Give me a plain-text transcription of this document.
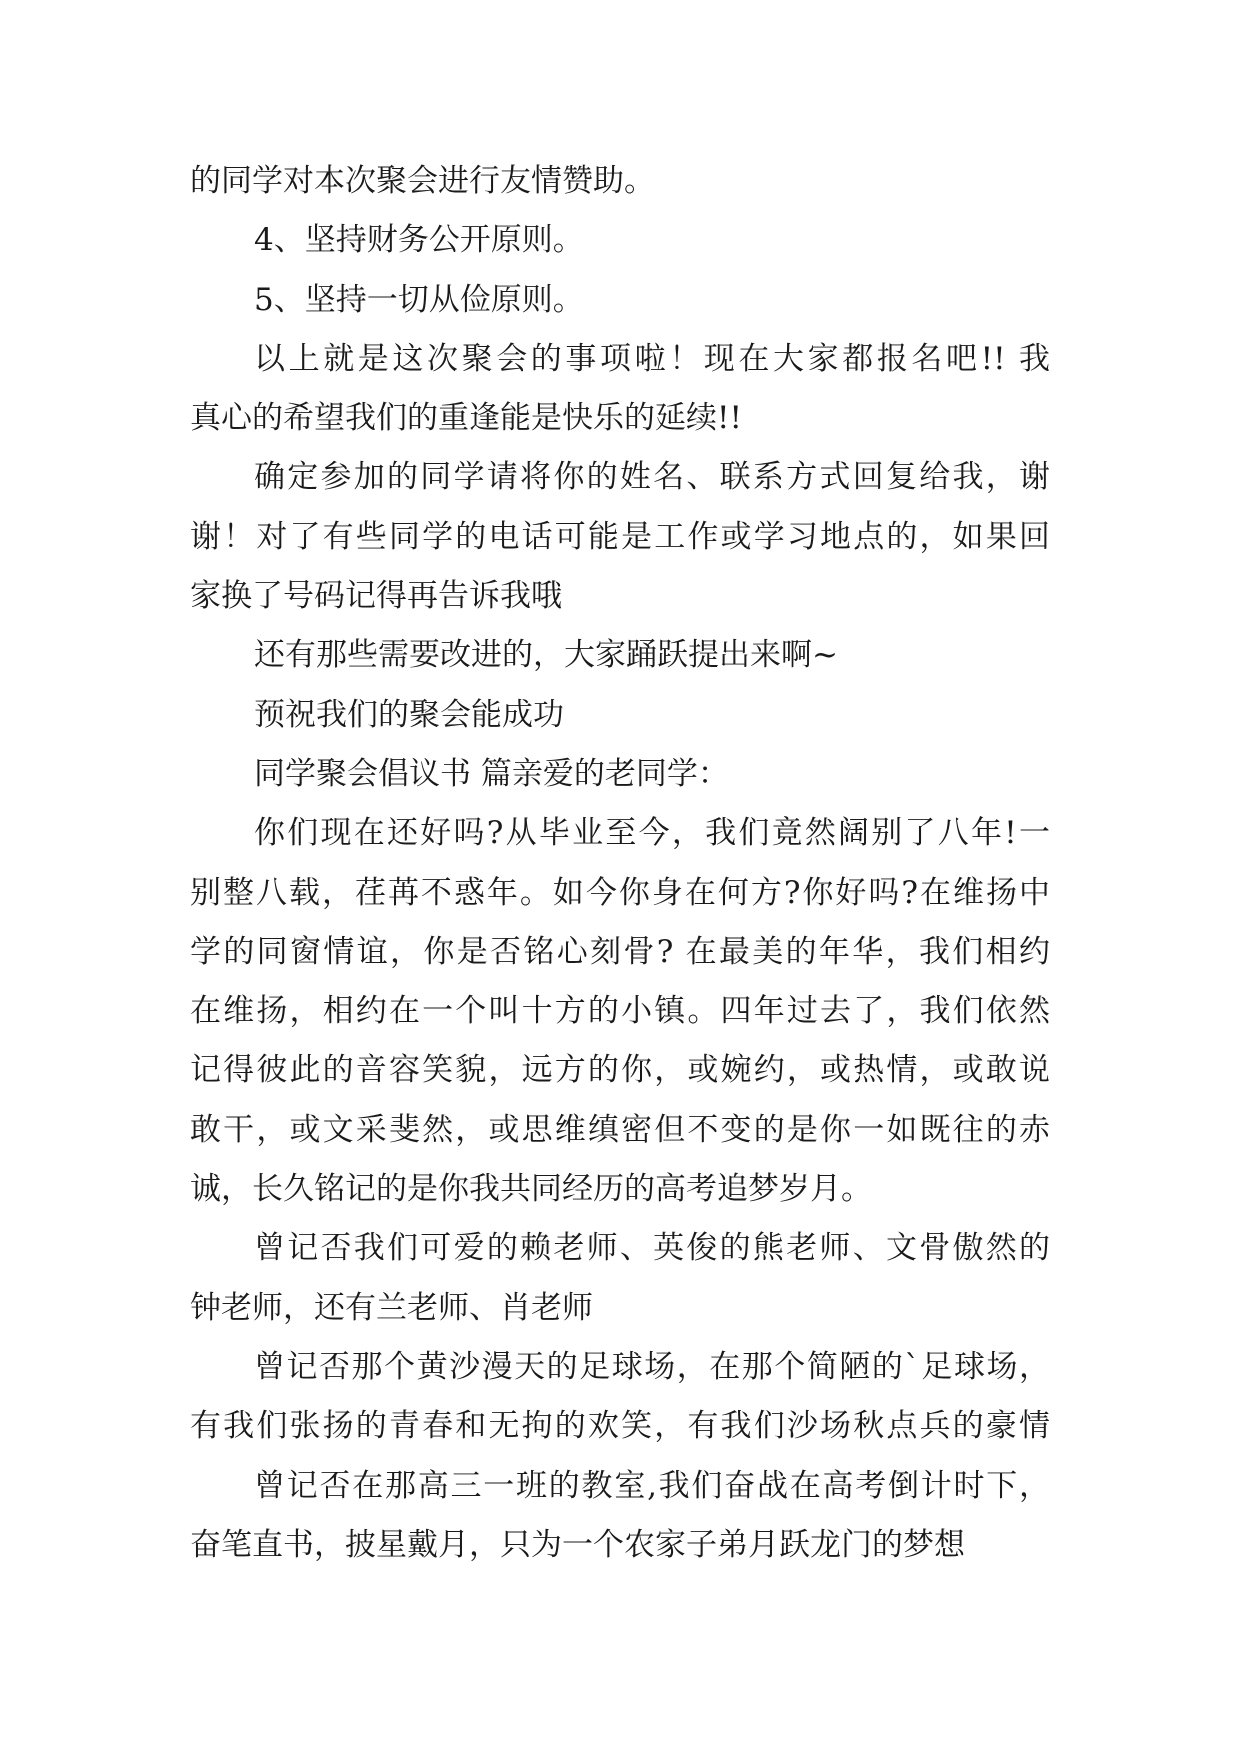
的同学对本次聚会进行友情赞助。
4、坚持财务公开原则。
5、坚持一切从俭原则。
以上就是这次聚会的事项啦！现在大家都报名吧!! 我
真心的希望我们的重逢能是快乐的延续!!
确定参加的同学请将你的姓名、联系方式回复给我，谢
谢！对了有些同学的电话可能是工作或学习地点的，如果回
家换了号码记得再告诉我哦
还有那些需要改进的，大家踊跃提出来啊~
预祝我们的聚会能成功
同学聚会倡议书 篇亲爱的老同学：
你们现在还好吗?从毕业至今，我们竟然阔别了八年!一
别整八载，荏苒不惑年。如今你身在何方?你好吗?在维扬中
学的同窗情谊，你是否铭心刻骨? 在最美的年华，我们相约
在维扬，相约在一个叫十方的小镇。四年过去了，我们依然
记得彼此的音容笑貌，远方的你，或婉约，或热情，或敢说
敢干，或文采斐然，或思维缜密但不变的是你一如既往的赤
诚，长久铭记的是你我共同经历的高考追梦岁月。
曾记否我们可爱的赖老师、英俊的熊老师、文骨傲然的
钟老师，还有兰老师、肖老师
曾记否那个黄沙漫天的足球场，在那个简陋的`足球场，
有我们张扬的青春和无拘的欢笑，有我们沙场秋点兵的豪情
曾记否在那高三一班的教室,我们奋战在高考倒计时下，
奋笔直书，披星戴月，只为一个农家子弟月跃龙门的梦想
